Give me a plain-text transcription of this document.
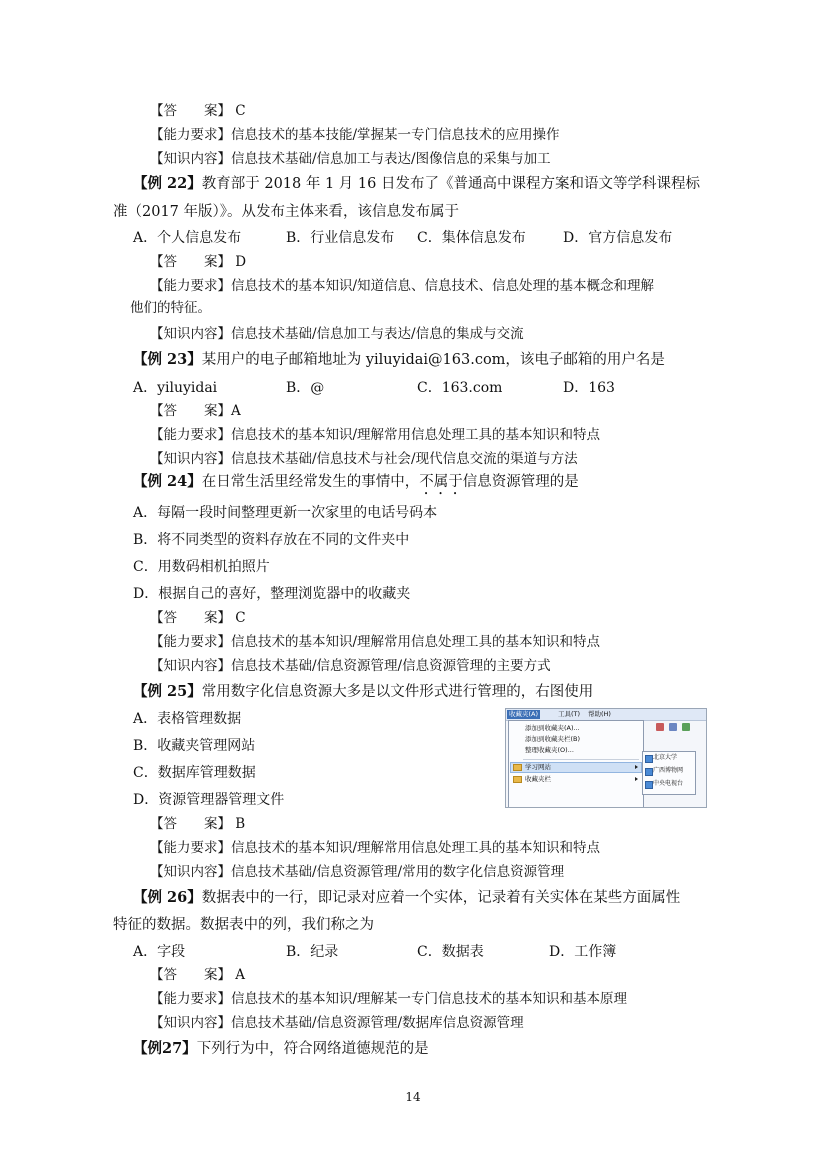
【答　　案】 C
【能力要求】信息技术的基本技能/掌握某一专门信息技术的应用操作
【知识内容】信息技术基础/信息加工与表达/图像信息的采集与加工
【例 22】教育部于 2018 年 1 月 16 日发布了《普通高中课程方案和语文等学科课程标
准（2017 年版）》。从发布主体来看，该信息发布属于
A．个人信息发布	B．行业信息发布 C．集体信息发布	D．官方信息发布
【答　　案】 D
【能力要求】信息技术的基本知识/知道信息、信息技术、信息处理的基本概念和理解
他们的特征。
【知识内容】信息技术基础/信息加工与表达/信息的集成与交流
【例 23】某用户的电子邮箱地址为 yiluyidai@163.com，该电子邮箱的用户名是
A．yiluyidai	B．@	C．163.com	D．163
【答　　案】A
【能力要求】信息技术的基本知识/理解常用信息处理工具的基本知识和特点
【知识内容】信息技术基础/信息技术与社会/现代信息交流的渠道与方法
【例 24】在日常生活里经常发生的事情中，不属于信息资源管理的是
A．每隔一段时间整理更新一次家里的电话号码本
B．将不同类型的资料存放在不同的文件夹中
C．用数码相机拍照片
D．根据自己的喜好，整理浏览器中的收藏夹
【答　　案】 C
【能力要求】信息技术的基本知识/理解常用信息处理工具的基本知识和特点
【知识内容】信息技术基础/信息资源管理/信息资源管理的主要方式
【例 25】常用数字化信息资源大多是以文件形式进行管理的，右图使用
A．表格管理数据
B．收藏夹管理网站
C．数据库管理数据
D．资源管理器管理文件
收藏夹(A)	工具(T)	帮助(H)

添加到收藏夹(A)...
添加到收藏夹栏(B)
整理收藏夹(O)...
学习网站
收藏夹栏
北京大学
广西博物网
中央电视台
【答　　案】 B
【能力要求】信息技术的基本知识/理解常用信息处理工具的基本知识和特点
【知识内容】信息技术基础/信息资源管理/常用的数字化信息资源管理
【例 26】数据表中的一行，即记录对应着一个实体，记录着有关实体在某些方面属性
特征的数据。数据表中的列，我们称之为
A．字段	B．纪录	C．数据表	D．工作簿
【答　　案】 A
【能力要求】信息技术的基本知识/理解某一专门信息技术的基本知识和基本原理
【知识内容】信息技术基础/信息资源管理/数据库信息资源管理
【例27】下列行为中，符合网络道德规范的是
14
